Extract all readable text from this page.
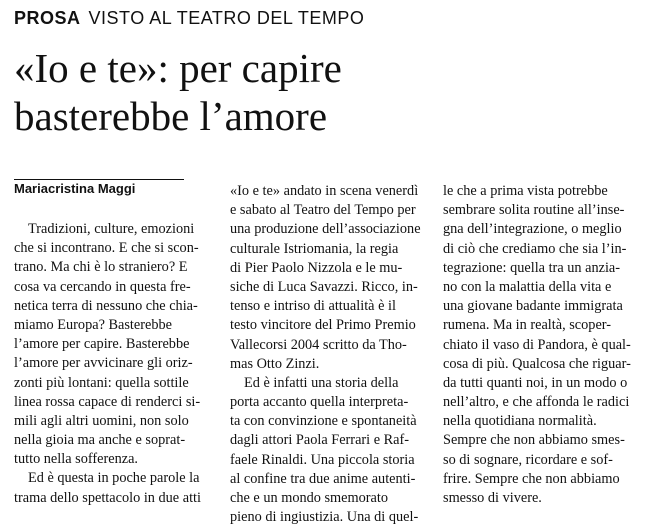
PROSA VISTO AL TEATRO DEL TEMPO
«Io e te»: per capire
basterebbe l’amore
Mariacristina Maggi
Tradizioni, culture, emozioni
che si incontrano. E che si scon-
trano. Ma chi è lo straniero? E
cosa va cercando in questa fre-
netica terra di nessuno che chia-
miamo Europa? Basterebbe
l’amore per capire. Basterebbe
l’amore per avvicinare gli oriz-
zonti più lontani: quella sottile
linea rossa capace di renderci si-
mili agli altri uomini, non solo
nella gioia ma anche e soprat-
tutto nella sofferenza.
Ed è questa in poche parole la
trama dello spettacolo in due atti
«Io e te» andato in scena venerdì
e sabato al Teatro del Tempo per
una produzione dell’associazione
culturale Istriomania, la regia
di Pier Paolo Nizzola e le mu-
siche di Luca Savazzi. Ricco, in-
tenso e intriso di attualità è il
testo vincitore del Primo Premio
Vallecorsi 2004 scritto da Tho-
mas Otto Zinzi.
Ed è infatti una storia della
porta accanto quella interpreta-
ta con convinzione e spontaneità
dagli attori Paola Ferrari e Raf-
faele Rinaldi. Una piccola storia
al confine tra due anime autenti-
che e un mondo smemorato
pieno di ingiustizia. Una di quel-
le che a prima vista potrebbe
sembrare solita routine all’inse-
gna dell’integrazione, o meglio
di ciò che crediamo che sia l’in-
tegrazione: quella tra un anzia-
no con la malattia della vita e
una giovane badante immigrata
rumena. Ma in realtà, scoper-
chiato il vaso di Pandora, è qual-
cosa di più. Qualcosa che riguar-
da tutti quanti noi, in un modo o
nell’altro, e che affonda le radici
nella quotidiana normalità.
Sempre che non abbiamo smes-
so di sognare, ricordare e sof-
frire. Sempre che non abbiamo
smesso di vivere.
